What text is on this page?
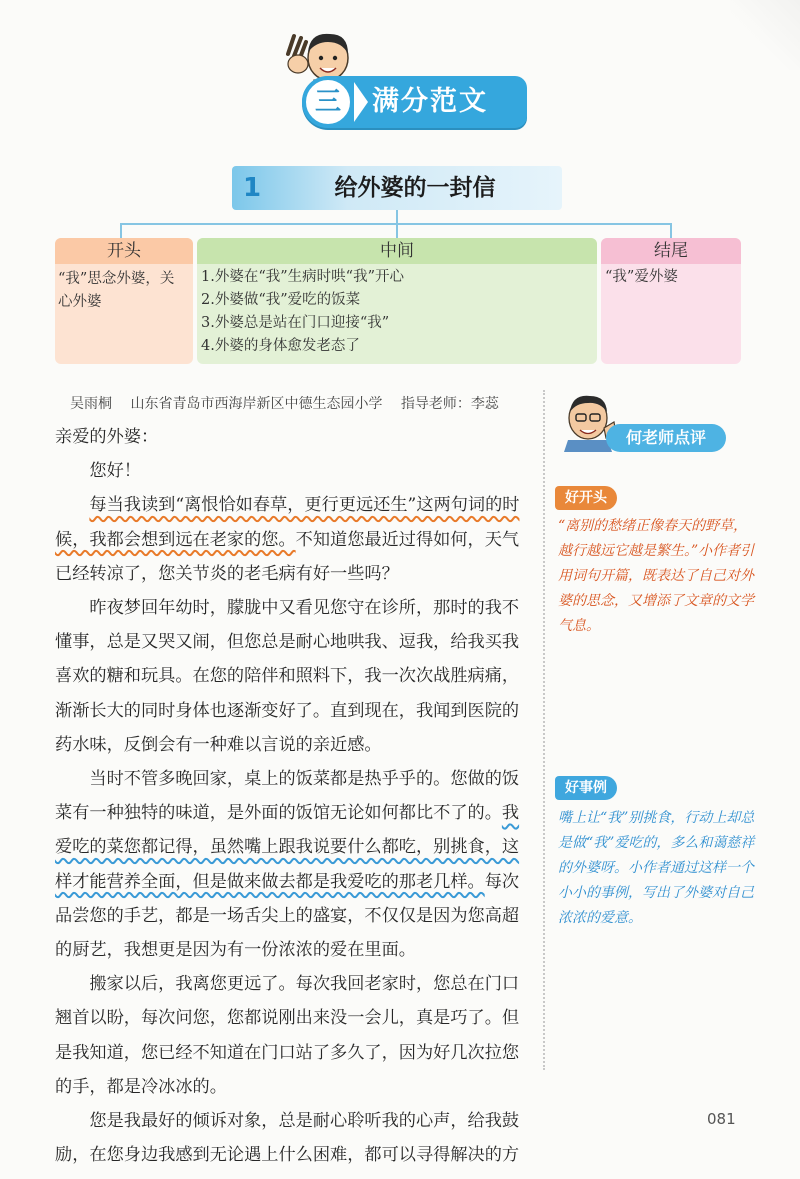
三	满分范文
1	给外婆的一封信
开头	中间	结尾
“我”思念外婆，关
心外婆
1.外婆在“我”生病时哄“我”开心
2.外婆做“我”爱吃的饭菜
3.外婆总是站在门口迎接“我”
4.外婆的身体愈发老态了
“我”爱外婆
吴雨桐 山东省青岛市西海岸新区中德生态园小学 指导老师：李蕊

亲爱的外婆：

您好！

每当我读到“离恨恰如春草，更行更远还生”这两句词的时候，我都会想到远在老家的您。不知道您最近过得如何，天气已经转凉了，您关节炎的老毛病有好一些吗？

昨夜梦回年幼时，朦胧中又看见您守在诊所，那时的我不懂事，总是又哭又闹，但您总是耐心地哄我、逗我，给我买我喜欢的糖和玩具。在您的陪伴和照料下，我一次次战胜病痛，渐渐长大的同时身体也逐渐变好了。直到现在，我闻到医院的药水味，反倒会有一种难以言说的亲近感。

当时不管多晚回家，桌上的饭菜都是热乎乎的。您做的饭菜有一种独特的味道，是外面的饭馆无论如何都比不了的。我爱吃的菜您都记得，虽然嘴上跟我说要什么都吃，别挑食，这样才能营养全面，但是做来做去都是我爱吃的那老几样。每次品尝您的手艺，都是一场舌尖上的盛宴，不仅仅是因为您高超的厨艺，我想更是因为有一份浓浓的爱在里面。

搬家以后，我离您更远了。每次我回老家时，您总在门口翘首以盼，每次问您，您都说刚出来没一会儿，真是巧了。但是我知道，您已经不知道在门口站了多久了，因为好几次拉您的手，都是冷冰冰的。

您是我最好的倾诉对象，总是耐心聆听我的心声，给我鼓励，在您身边我感到无论遇上什么困难，都可以寻得解决的方

何老师点评
好开头
“离别的愁绪正像春天的野草，越行越远它越是繁生。”小作者引用词句开篇，既表达了自己对外婆的思念，又增添了文章的文学气息。
好事例
嘴上让“我”别挑食，行动上却总是做“我”爱吃的，多么和蔼慈祥的外婆呀。小作者通过这样一个小小的事例，写出了外婆对自己浓浓的爱意。
081
